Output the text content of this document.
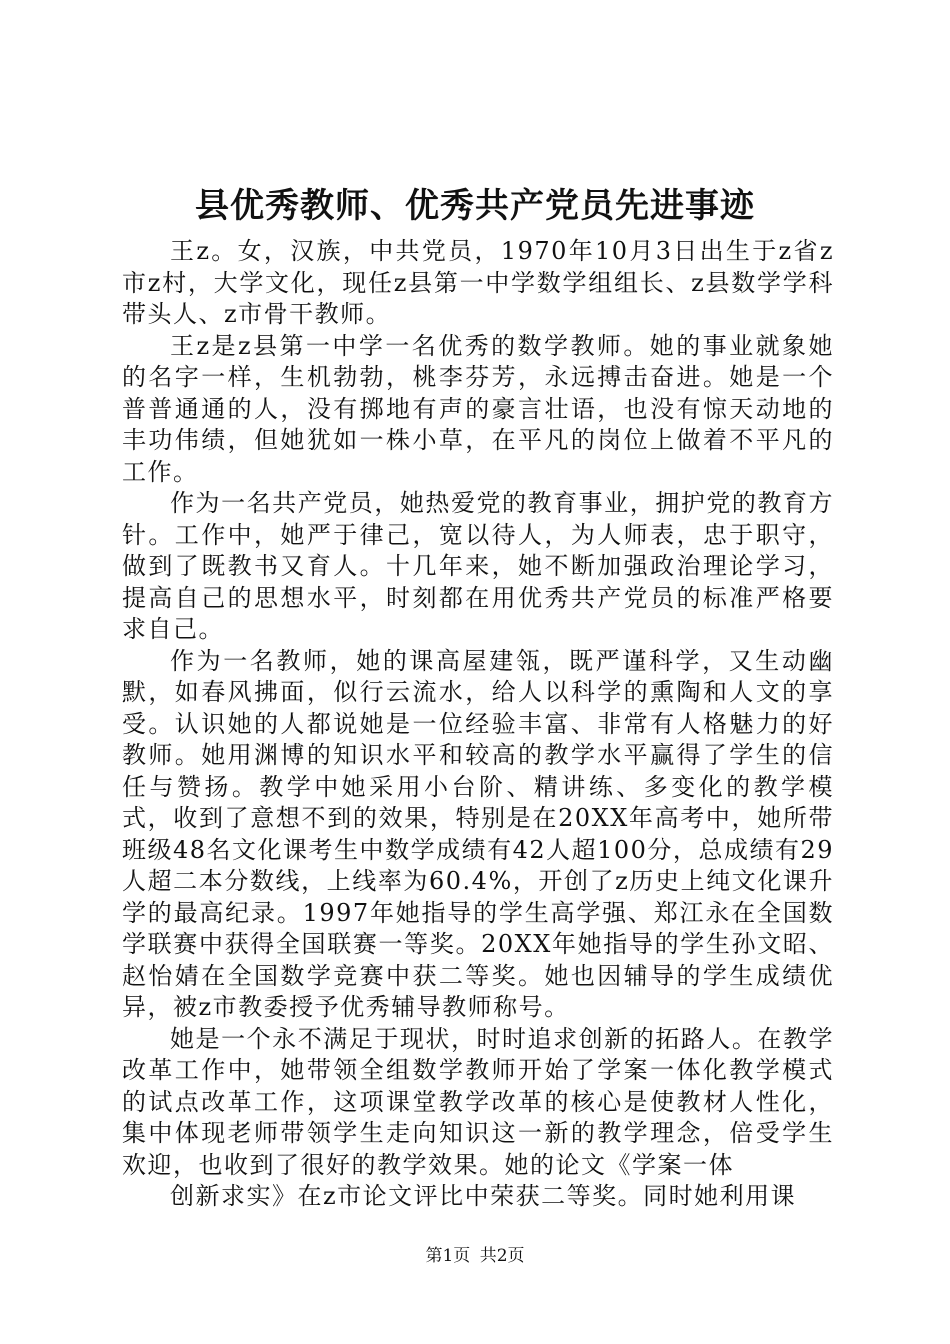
县优秀教师、优秀共产党员先进事迹

王z。女，汉族，中共党员，1970年10月3日出生于z省z市z村，大学文化，现任z县第一中学数学组组长、z县数学学科带头人、z市骨干教师。

王z是z县第一中学一名优秀的数学教师。她的事业就象她的名字一样，生机勃勃，桃李芬芳，永远搏击奋进。她是一个普普通通的人，没有掷地有声的豪言壮语，也没有惊天动地的丰功伟绩，但她犹如一株小草，在平凡的岗位上做着不平凡的工作。

作为一名共产党员，她热爱党的教育事业，拥护党的教育方针。工作中，她严于律己，宽以待人，为人师表，忠于职守，做到了既教书又育人。十几年来，她不断加强政治理论学习，提高自己的思想水平，时刻都在用优秀共产党员的标准严格要求自己。

作为一名教师，她的课高屋建瓴，既严谨科学，又生动幽默，如春风拂面，似行云流水，给人以科学的熏陶和人文的享受。认识她的人都说她是一位经验丰富、非常有人格魅力的好教师。她用渊博的知识水平和较高的教学水平赢得了学生的信任与赞扬。教学中她采用小台阶、精讲练、多变化的教学模式，收到了意想不到的效果，特别是在20XX年高考中，她所带班级48名文化课考生中数学成绩有42人超100分，总成绩有29人超二本分数线，上线率为60.4%，开创了z历史上纯文化课升学的最高纪录。1997年她指导的学生高学强、郑江永在全国数学联赛中获得全国联赛一等奖。20XX年她指导的学生孙文昭、赵怡婧在全国数学竞赛中获二等奖。她也因辅导的学生成绩优异，被z市教委授予优秀辅导教师称号。

她是一个永不满足于现状，时时追求创新的拓路人。在教学改革工作中，她带领全组数学教师开始了学案一体化教学模式的试点改革工作，这项课堂教学改革的核心是使教材人性化，集中体现老师带领学生走向知识这一新的教学理念，倍受学生欢迎，也收到了很好的教学效果。她的论文《学案一体

创新求实》在z市论文评比中荣获二等奖。同时她利用课

第1页 共2页
